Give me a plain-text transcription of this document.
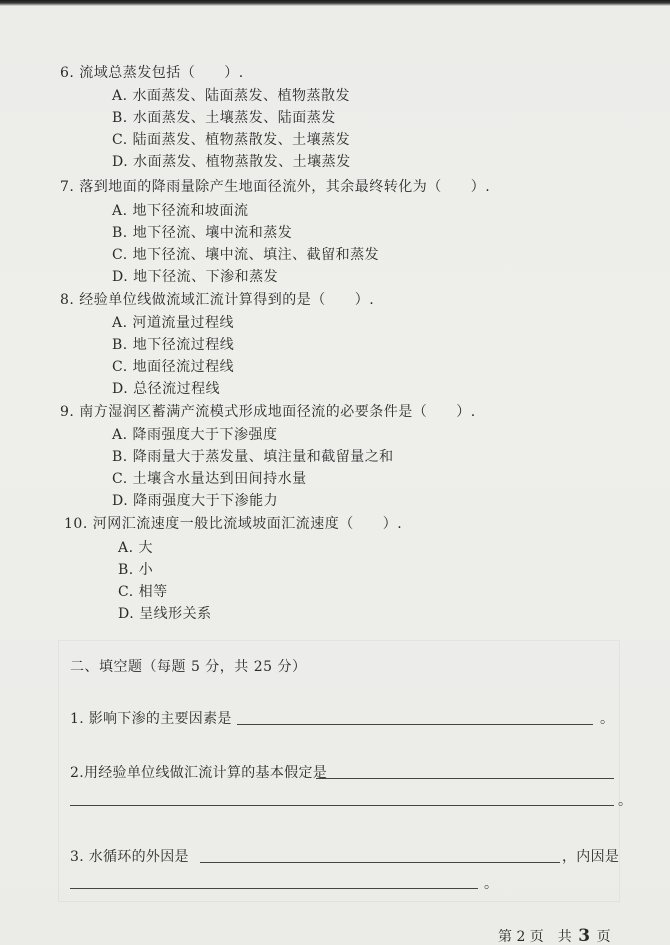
6. 流域总蒸发包括（　　）.
A. 水面蒸发、陆面蒸发、植物蒸散发
B. 水面蒸发、土壤蒸发、陆面蒸发
C. 陆面蒸发、植物蒸散发、土壤蒸发
D. 水面蒸发、植物蒸散发、土壤蒸发
7. 落到地面的降雨量除产生地面径流外，其余最终转化为（　　）.
A. 地下径流和坡面流
B. 地下径流、壤中流和蒸发
C. 地下径流、壤中流、填注、截留和蒸发
D. 地下径流、下渗和蒸发
8. 经验单位线做流域汇流计算得到的是（　　）.
A. 河道流量过程线
B. 地下径流过程线
C. 地面径流过程线
D. 总径流过程线
9. 南方湿润区蓄满产流模式形成地面径流的必要条件是（　　）.
A. 降雨强度大于下渗强度
B. 降雨量大于蒸发量、填注量和截留量之和
C. 土壤含水量达到田间持水量
D. 降雨强度大于下渗能力
10. 河网汇流速度一般比流域坡面汇流速度（　　）.
A. 大
B. 小
C. 相等
D. 呈线形关系
二、填空题（每题 5 分，共 25 分）
1. 影响下渗的主要因素是	。
2.用经验单位线做汇流计算的基本假定是
。
3. 水循环的外因是	，内因是
。
第 2 页　共 3 页
